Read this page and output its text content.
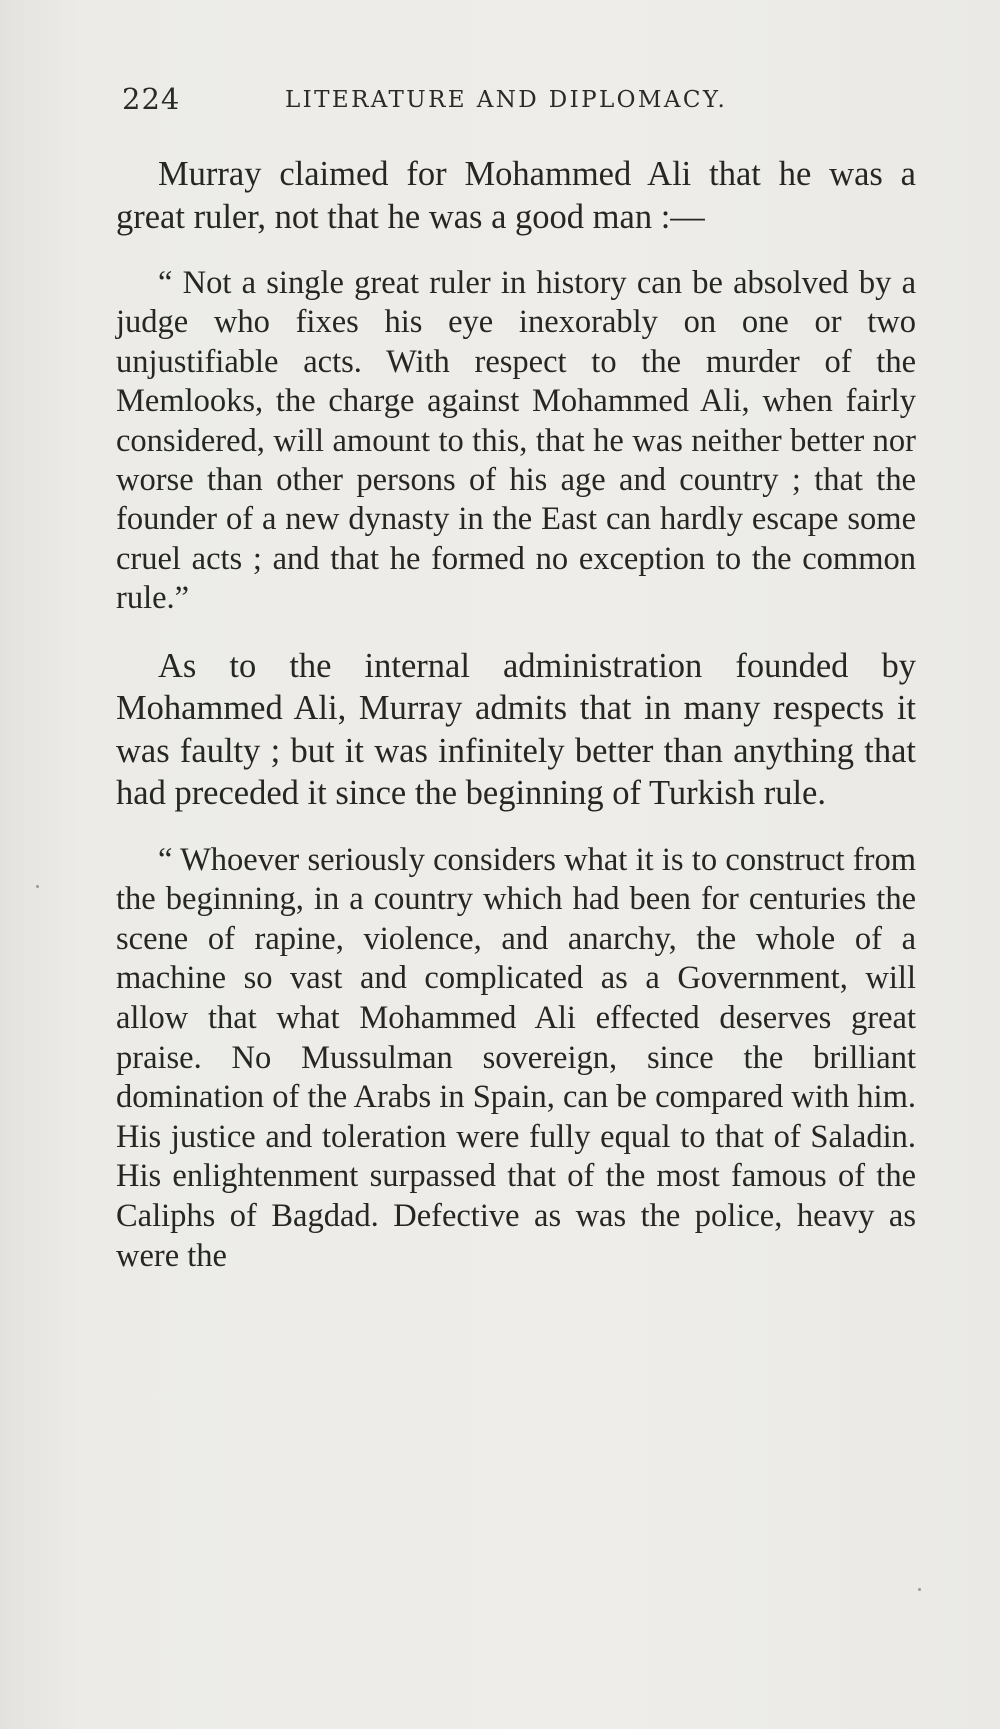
224	LITERATURE AND DIPLOMACY.

Murray claimed for Mohammed Ali that he was a great ruler, not that he was a good man :—

“ Not a single great ruler in history can be absolved by a judge who fixes his eye inexorably on one or two unjustifiable acts. With respect to the murder of the Memlooks, the charge against Mohammed Ali, when fairly considered, will amount to this, that he was neither better nor worse than other persons of his age and country ; that the founder of a new dynasty in the East can hardly escape some cruel acts ; and that he formed no exception to the common rule.”

As to the internal administration founded by Mohammed Ali, Murray admits that in many respects it was faulty ; but it was infinitely better than anything that had preceded it since the beginning of Turkish rule.

“ Whoever seriously considers what it is to construct from the beginning, in a country which had been for centuries the scene of rapine, violence, and anarchy, the whole of a machine so vast and complicated as a Government, will allow that what Mohammed Ali effected deserves great praise. No Mussulman sovereign, since the brilliant domination of the Arabs in Spain, can be compared with him. His justice and toleration were fully equal to that of Saladin. His enlightenment surpassed that of the most famous of the Caliphs of Bagdad. Defective as was the police, heavy as were the
